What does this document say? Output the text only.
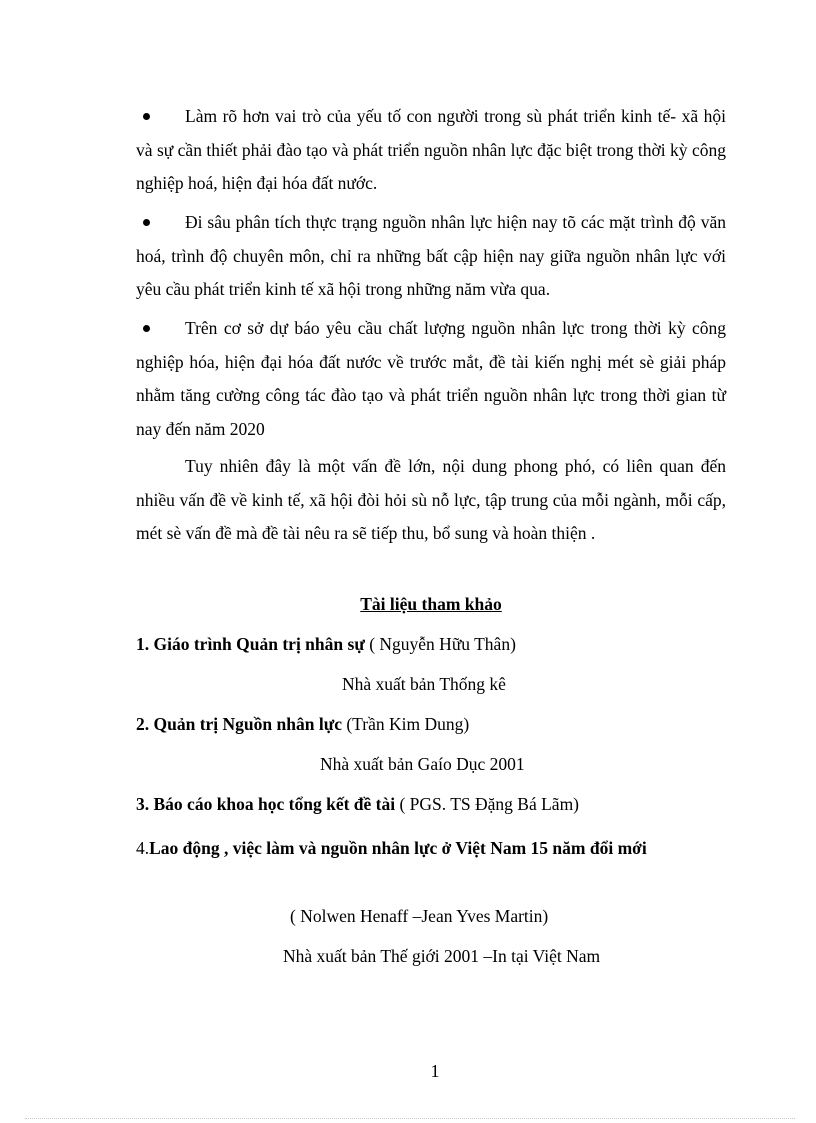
Làm rõ hơn vai trò của yếu tố con người trong sù phát triển kinh tế- xã hội và sự cần thiết phải đào tạo và phát triển nguồn nhân lực đặc biệt trong thời kỳ công nghiệp hoá, hiện đại hóa đất nước.
Đi sâu phân tích thực trạng nguồn nhân lực hiện nay tõ các mặt trình độ văn hoá, trình độ chuyên môn, chỉ ra những bất cập hiện nay giữa nguồn nhân lực với yêu cầu phát triển kinh tế xã hội trong những năm vừa qua.
Trên cơ sở dự báo yêu cầu chất lượng nguồn nhân lực trong thời kỳ công nghiệp hóa, hiện đại hóa đất nước về trước mắt, đề tài kiến nghị mét sè giải pháp nhằm tăng cường công tác đào tạo và phát triển nguồn nhân lực trong thời gian từ nay đến năm 2020
Tuy nhiên đây là một vấn đề lớn, nội dung phong phó, có liên quan đến nhiều vấn đề về kinh tế, xã hội đòi hỏi sù nỗ lực, tập trung của mỗi ngành, mỗi cấp, mét sè vấn đề mà đề tài nêu ra sẽ tiếp thu, bổ sung và hoàn thiện .
Tài liệu tham khảo
1. Giáo trình Quản trị nhân sự ( Nguyễn Hữu Thân)
Nhà xuất bản Thống kê
2. Quản trị Nguồn nhân lực (Trần Kim Dung)
Nhà xuất bản Gaío Dục 2001
3. Báo cáo khoa học tổng kết đề tài ( PGS. TS Đặng Bá Lãm)
4.Lao động , việc làm và nguồn nhân lực ở Việt Nam 15 năm đổi mới
( Nolwen Henaff –Jean Yves Martin)
Nhà xuất bản Thế giới 2001 –In tại Việt Nam
1
